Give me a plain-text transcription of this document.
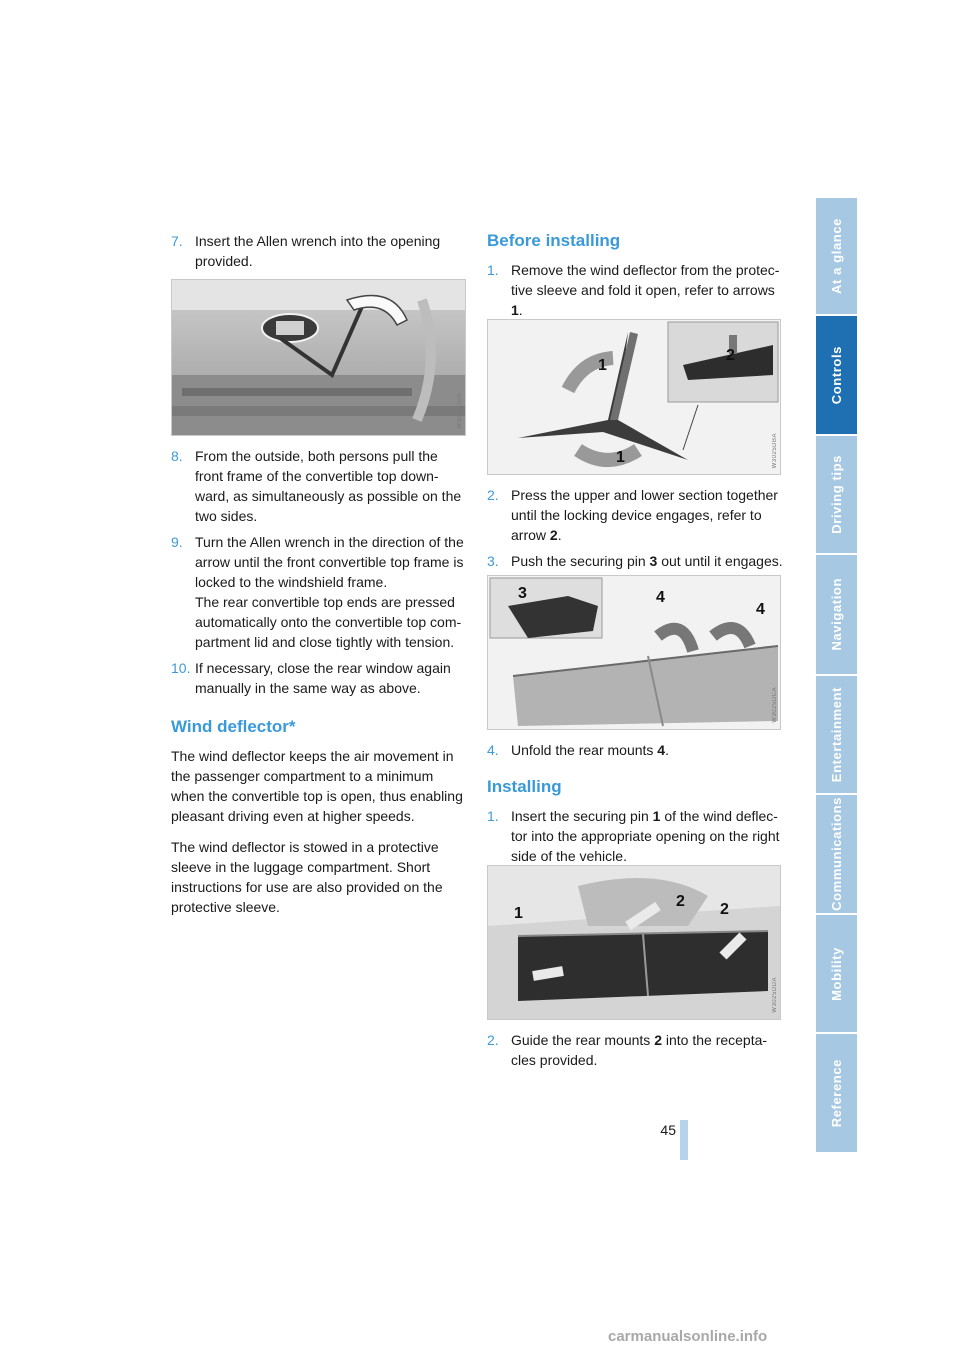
7. Insert the Allen wrench into the opening provided.
W3025DUA
8. From the outside, both persons pull the front frame of the convertible top down-ward, as simultaneously as possible on the two sides.
9. Turn the Allen wrench in the direction of the arrow until the front convertible top frame is locked to the windshield frame.
The rear convertible top ends are pressed automatically onto the convertible top com-partment lid and close tightly with tension.
10. If necessary, close the rear window again manually in the same way as above.
Wind deflector*

The wind deflector keeps the air movement in the passenger compartment to a minimum when the convertible top is open, thus enabling pleasant driving even at higher speeds.

The wind deflector is stowed in a protective sleeve in the luggage compartment. Short instructions for use are also provided on the protective sleeve.

Before installing
1. Remove the wind deflector from the protec-tive sleeve and fold it open, refer to arrows 1.
1
2
1	W3025DBA
2. Press the upper and lower section together until the locking device engages, refer to arrow 2.
3. Push the securing pin 3 out until it engages.
3	4
4
W3025DCA
4. Unfold the rear mounts 4.
Installing
1. Insert the securing pin 1 of the wind deflec-tor into the appropriate opening on the right side of the vehicle.
1
2 2
W3025DDA
2. Guide the rear mounts 2 into the recepta-cles provided.
At a glance
Controls
Driving tips
Navigation
Entertainment
Communications
Mobility
Reference
45
carmanualsonline.info
